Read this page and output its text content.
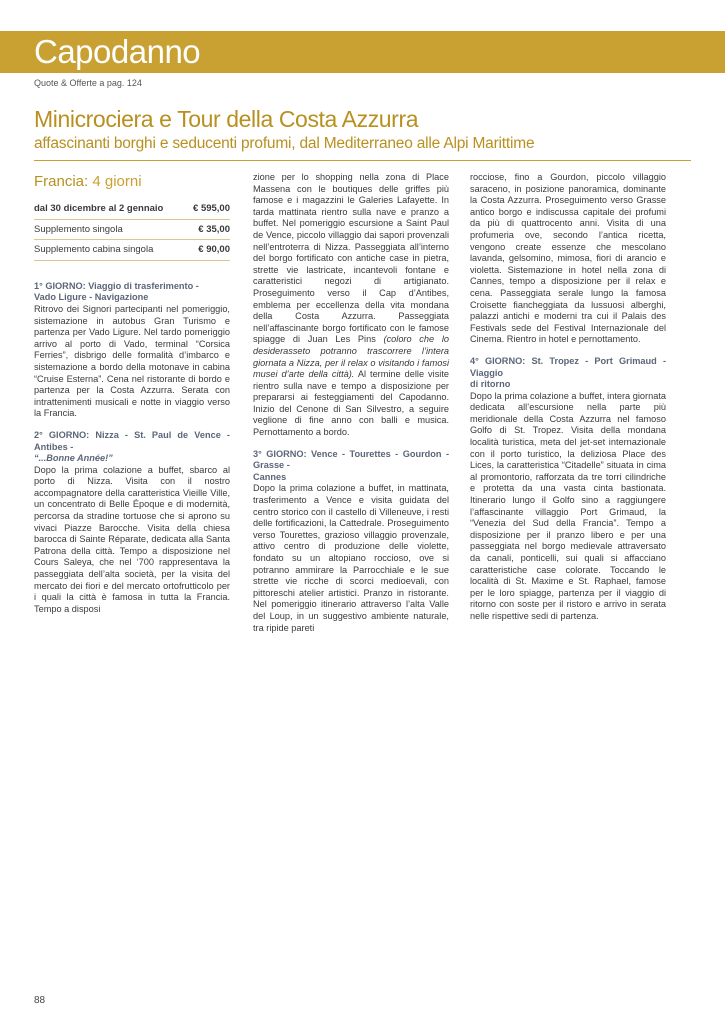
Capodanno
Quote & Offerte a pag. 124
Minicrociera e Tour della Costa Azzurra
affascinanti borghi e seducenti profumi, dal Mediterraneo alle Alpi Marittime
Francia: 4 giorni
dal 30 dicembre al 2 gennaio	€ 595,00
Supplemento singola	€ 35,00
Supplemento cabina singola	€ 90,00

1° GIORNO: Viaggio di trasferimento -
Vado Ligure - Navigazione

Ritrovo dei Signori partecipanti nel pomeriggio, sistemazione in autobus Gran Turismo e partenza per Vado Ligure. Nel tardo pomeriggio arrivo al porto di Vado, terminal “Corsica Ferries”, disbrigo delle formalità d’imbarco e sistemazione a bordo della motonave in cabina “Cruise Esterna”. Cena nel ristorante di bordo e partenza per la Costa Azzurra. Serata con intrattenimenti musicali e notte in viaggio verso la Francia.

2° GIORNO: Nizza - St. Paul de Vence - Antibes -
“...Bonne Année!”

Dopo la prima colazione a buffet, sbarco al porto di Nizza. Visita con il nostro accompagnatore della caratteristica Vieille Ville, un concentrato di Belle Époque e di modernità, percorsa da stradine tortuose che si aprono su vivaci Piazze Barocche. Visita della chiesa barocca di Sainte Réparate, dedicata alla Santa Patrona della città. Tempo a disposizione nel Cours Saleya, che nel ‘700 rappresentava la passeggiata dell’alta società, per la visita del mercato dei fiori e del mercato ortofrutticolo per i quali la città è famosa in tutta la Francia. Tempo a disposi

zione per lo shopping nella zona di Place Massena con le boutiques delle griffes più famose e i magazzini le Galeries Lafayette. In tarda mattinata rientro sulla nave e pranzo a buffet. Nel pomeriggio escursione a Saint Paul de Vence, piccolo villaggio dai sapori provenzali nell’entroterra di Nizza. Passeggiata all’interno del borgo fortificato con antiche case in pietra, strette vie lastricate, incantevoli fontane e caratteristici negozi di artigianato. Proseguimento verso il Cap d’Antibes, emblema per eccellenza della vita mondana della Costa Azzurra. Passeggiata nell’affascinante borgo fortificato con le famose spiagge di Juan Les Pins (coloro che lo desiderasseto potranno trascorrere l’intera giornata a Nizza, per il relax o visitando i famosi musei d’arte della città). Al termine delle visite rientro sulla nave e tempo a disposizione per prepararsi ai festeggiamenti del Capodanno. Inizio del Cenone di San Silvestro, a seguire veglione di fine anno con balli e musica. Pernottamento a bordo.

3° GIORNO: Vence - Tourettes - Gourdon - Grasse -
Cannes

Dopo la prima colazione a buffet, in mattinata, trasferimento a Vence e visita guidata del centro storico con il castello di Villeneuve, i resti delle fortificazioni, la Cattedrale. Proseguimento verso Tourettes, grazioso villaggio provenzale, attivo centro di produzione delle violette, fondato su un altopiano roccioso, ove si potranno ammirare la Parrocchiale e le sue strette vie ricche di scorci medioevali, con pittoreschi atelier artistici. Pranzo in ristorante. Nel pomeriggio itinerario attraverso l’alta Valle del Loup, in un suggestivo ambiente naturale, tra ripide pareti

rocciose, fino a Gourdon, piccolo villaggio saraceno, in posizione panoramica, dominante la Costa Azzurra. Proseguimento verso Grasse antico borgo e indiscussa capitale dei profumi da più di quattrocento anni. Visita di una profumeria ove, secondo l’antica ricetta, vengono create essenze che mescolano lavanda, gelsomino, mimosa, fiori di arancio e violetta. Sistemazione in hotel nella zona di Cannes, tempo a disposizione per il relax e cena. Passeggiata serale lungo la famosa Croisette fiancheggiata da lussuosi alberghi, palazzi antichi e moderni tra cui il Palais des Festivals sede del Festival Internazionale del Cinema. Rientro in hotel e pernottamento.

4° GIORNO: St. Tropez - Port Grimaud - Viaggio
di ritorno

Dopo la prima colazione a buffet, intera giornata dedicata all’escursione nella parte più meridionale della Costa Azzurra nel famoso Golfo di St. Tropez. Visita della mondana località turistica, meta del jet-set internazionale con il porto turistico, la deliziosa Place des Lices, la caratteristica “Citadelle” situata in cima al promontorio, rafforzata da tre torri cilindriche e protetta da una vasta cinta bastionata. Itinerario lungo il Golfo sino a raggiungere l’affascinante villaggio Port Grimaud, la “Venezia del Sud della Francia”. Tempo a disposizione per il pranzo libero e per una passeggiata nel borgo medievale attraversato da canali, ponticelli, sui quali si affacciano caratteristiche case colorate. Toccando le località di St. Maxime e St. Raphael, famose per le loro spiagge, partenza per il viaggio di ritorno con soste per il ristoro e arrivo in serata nelle rispettive sedi di partenza.

88
